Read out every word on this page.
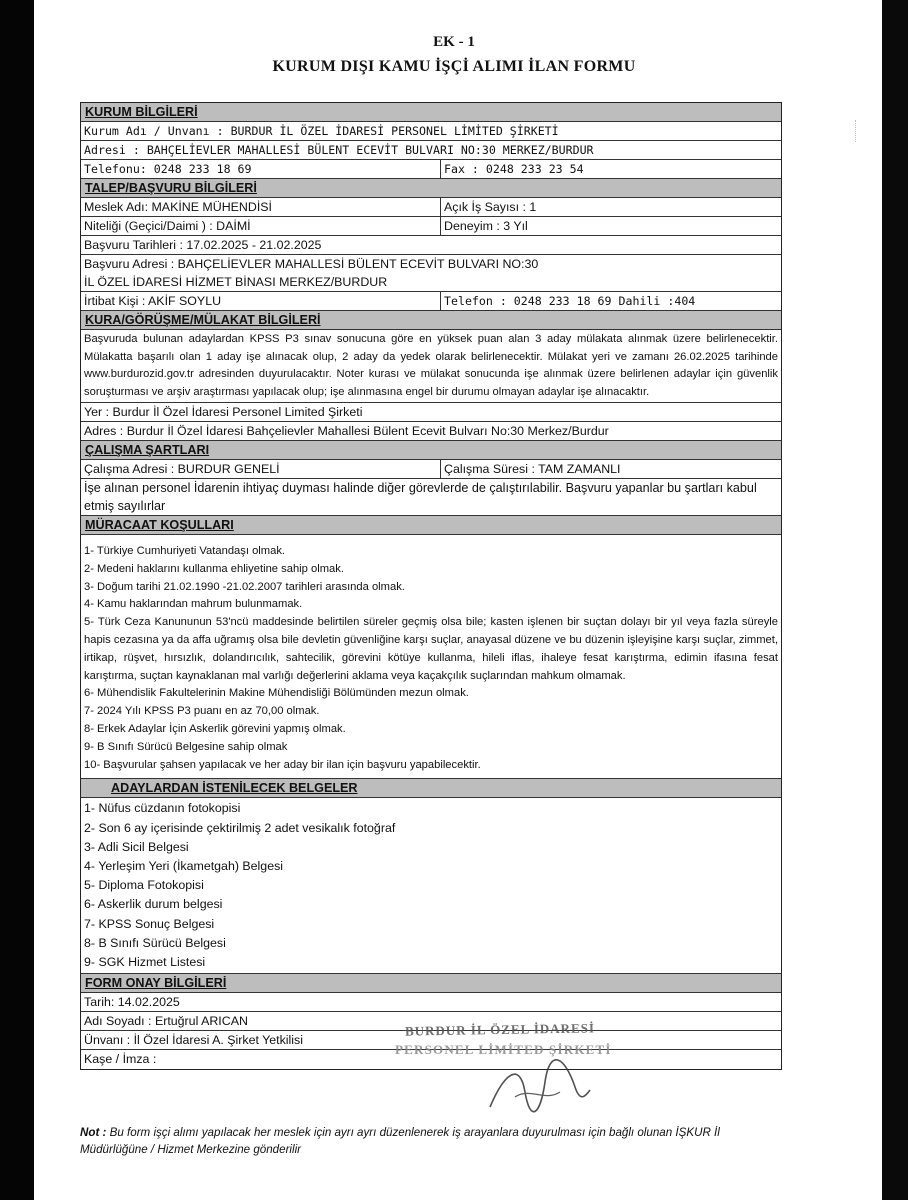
EK - 1
KURUM DIŞI KAMU İŞÇİ ALIMI İLAN FORMU
KURUM BİLGİLERİ
Kurum Adı / Unvanı : BURDUR İL ÖZEL İDARESİ PERSONEL LİMİTED ŞİRKETİ
Adresi : BAHÇELİEVLER MAHALLESİ BÜLENT ECEVİT BULVARI NO:30 MERKEZ/BURDUR
Telefonu: 0248 233 18 69	Fax : 0248 233 23 54
TALEP/BAŞVURU BİLGİLERİ
Meslek Adı: MAKİNE MÜHENDİSİ	Açık İş Sayısı : 1
Niteliği (Geçici/Daimi ) : DAİMİ	Deneyim : 3 Yıl
Başvuru Tarihleri : 17.02.2025 - 21.02.2025
Başvuru Adresi : BAHÇELİEVLER MAHALLESİ BÜLENT ECEVİT BULVARI NO:30
İL ÖZEL İDARESİ HİZMET BİNASI MERKEZ/BURDUR
İrtibat Kişi : AKİF SOYLU	Telefon : 0248 233 18 69 Dahili :404
KURA/GÖRÜŞME/MÜLAKAT BİLGİLERİ
Başvuruda bulunan adaylardan KPSS P3 sınav sonucuna göre en yüksek puan alan 3 aday mülakata alınmak üzere belirlenecektir. Mülakatta başarılı olan 1 aday işe alınacak olup, 2 aday da yedek olarak belirlenecektir. Mülakat yeri ve zamanı 26.02.2025 tarihinde www.burdurozid.gov.tr adresinden duyurulacaktır. Noter kurası ve mülakat sonucunda işe alınmak üzere belirlenen adaylar için güvenlik soruşturması ve arşiv araştırması yapılacak olup; işe alınmasına engel bir durumu olmayan adaylar işe alınacaktır.
Yer : Burdur İl Özel İdaresi Personel Limited Şirketi
Adres : Burdur İl Özel İdaresi Bahçelievler Mahallesi Bülent Ecevit Bulvarı No:30 Merkez/Burdur
ÇALIŞMA ŞARTLARI
Çalışma Adresi : BURDUR GENELİ	Çalışma Süresi : TAM ZAMANLI
İşe alınan personel İdarenin ihtiyaç duyması halinde diğer görevlerde de çalıştırılabilir. Başvuru yapanlar bu şartları kabul etmiş sayılırlar
MÜRACAAT KOŞULLARI
1- Türkiye Cumhuriyeti Vatandaşı olmak.
2- Medeni haklarını kullanma ehliyetine sahip olmak.
3- Doğum tarihi 21.02.1990 -21.02.2007 tarihleri arasında olmak.
4- Kamu haklarından mahrum bulunmamak.
5- Türk Ceza Kanununun 53'ncü maddesinde belirtilen süreler geçmiş olsa bile; kasten işlenen bir suçtan dolayı bir yıl veya fazla süreyle hapis cezasına ya da affa uğramış olsa bile devletin güvenliğine karşı suçlar, anayasal düzene ve bu düzenin işleyişine karşı suçlar, zimmet, irtikap, rüşvet, hırsızlık, dolandırıcılık, sahtecilik, görevini kötüye kullanma, hileli iflas, ihaleye fesat karıştırma, edimin ifasına fesat karıştırma, suçtan kaynaklanan mal varlığı değerlerini aklama veya kaçakçılık suçlarından mahkum olmamak.
6- Mühendislik Fakultelerinin Makine Mühendisliği Bölümünden mezun olmak.
7- 2024 Yılı KPSS P3 puanı en az 70,00 olmak.
8- Erkek Adaylar İçin Askerlik görevini yapmış olmak.
9- B Sınıfı Sürücü Belgesine sahip olmak
10- Başvurular şahsen yapılacak ve her aday bir ilan için başvuru yapabilecektir.
ADAYLARDAN İSTENİLECEK BELGELER
1- Nüfus cüzdanın fotokopisi
2- Son 6 ay içerisinde çektirilmiş 2 adet vesikalık fotoğraf
3- Adli Sicil Belgesi
4- Yerleşim Yeri (İkametgah) Belgesi
5- Diploma Fotokopisi
6- Askerlik durum belgesi
7- KPSS Sonuç Belgesi
8- B Sınıfı Sürücü Belgesi
9- SGK Hizmet Listesi
FORM ONAY BİLGİLERİ
Tarih: 14.02.2025
Adı Soyadı : Ertuğrul ARICAN
Ünvanı : İl Özel İdaresi A. Şirket Yetkilisi
Kaşe / İmza :
BURDUR İL ÖZEL İDARESİ
PERSONEL LİMİTED ŞİRKETİ
Not : Bu form işçi alımı yapılacak her meslek için ayrı ayrı düzenlenerek iş arayanlara duyurulması için bağlı olunan İŞKUR İl Müdürlüğüne / Hizmet Merkezine gönderilir
